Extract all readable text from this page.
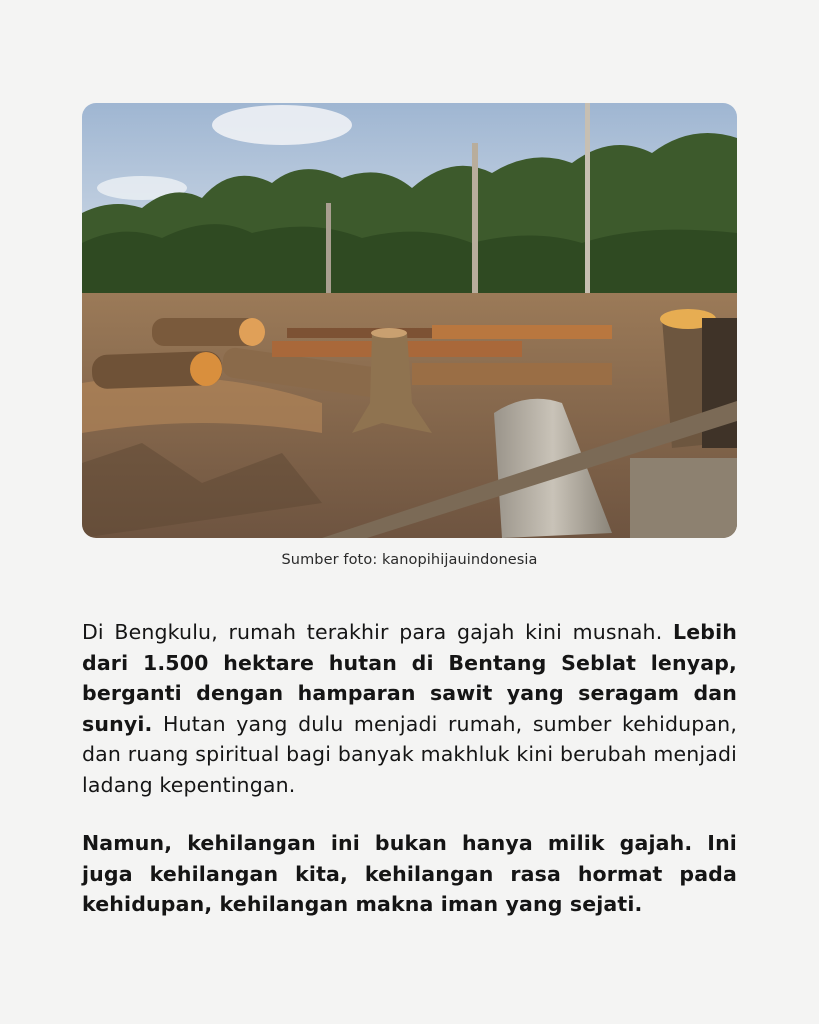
Sumber foto: kanopihijauindonesia

Di Bengkulu, rumah terakhir para gajah kini musnah. Lebih dari 1.500 hektare hutan di Bentang Seblat lenyap, berganti dengan hamparan sawit yang seragam dan sunyi. Hutan yang dulu menjadi rumah, sumber kehidupan, dan ruang spiritual bagi banyak makhluk kini berubah menjadi ladang kepentingan.

Namun, kehilangan ini bukan hanya milik gajah. Ini juga kehilangan kita, kehilangan rasa hormat pada kehidupan, kehilangan makna iman yang sejati.
